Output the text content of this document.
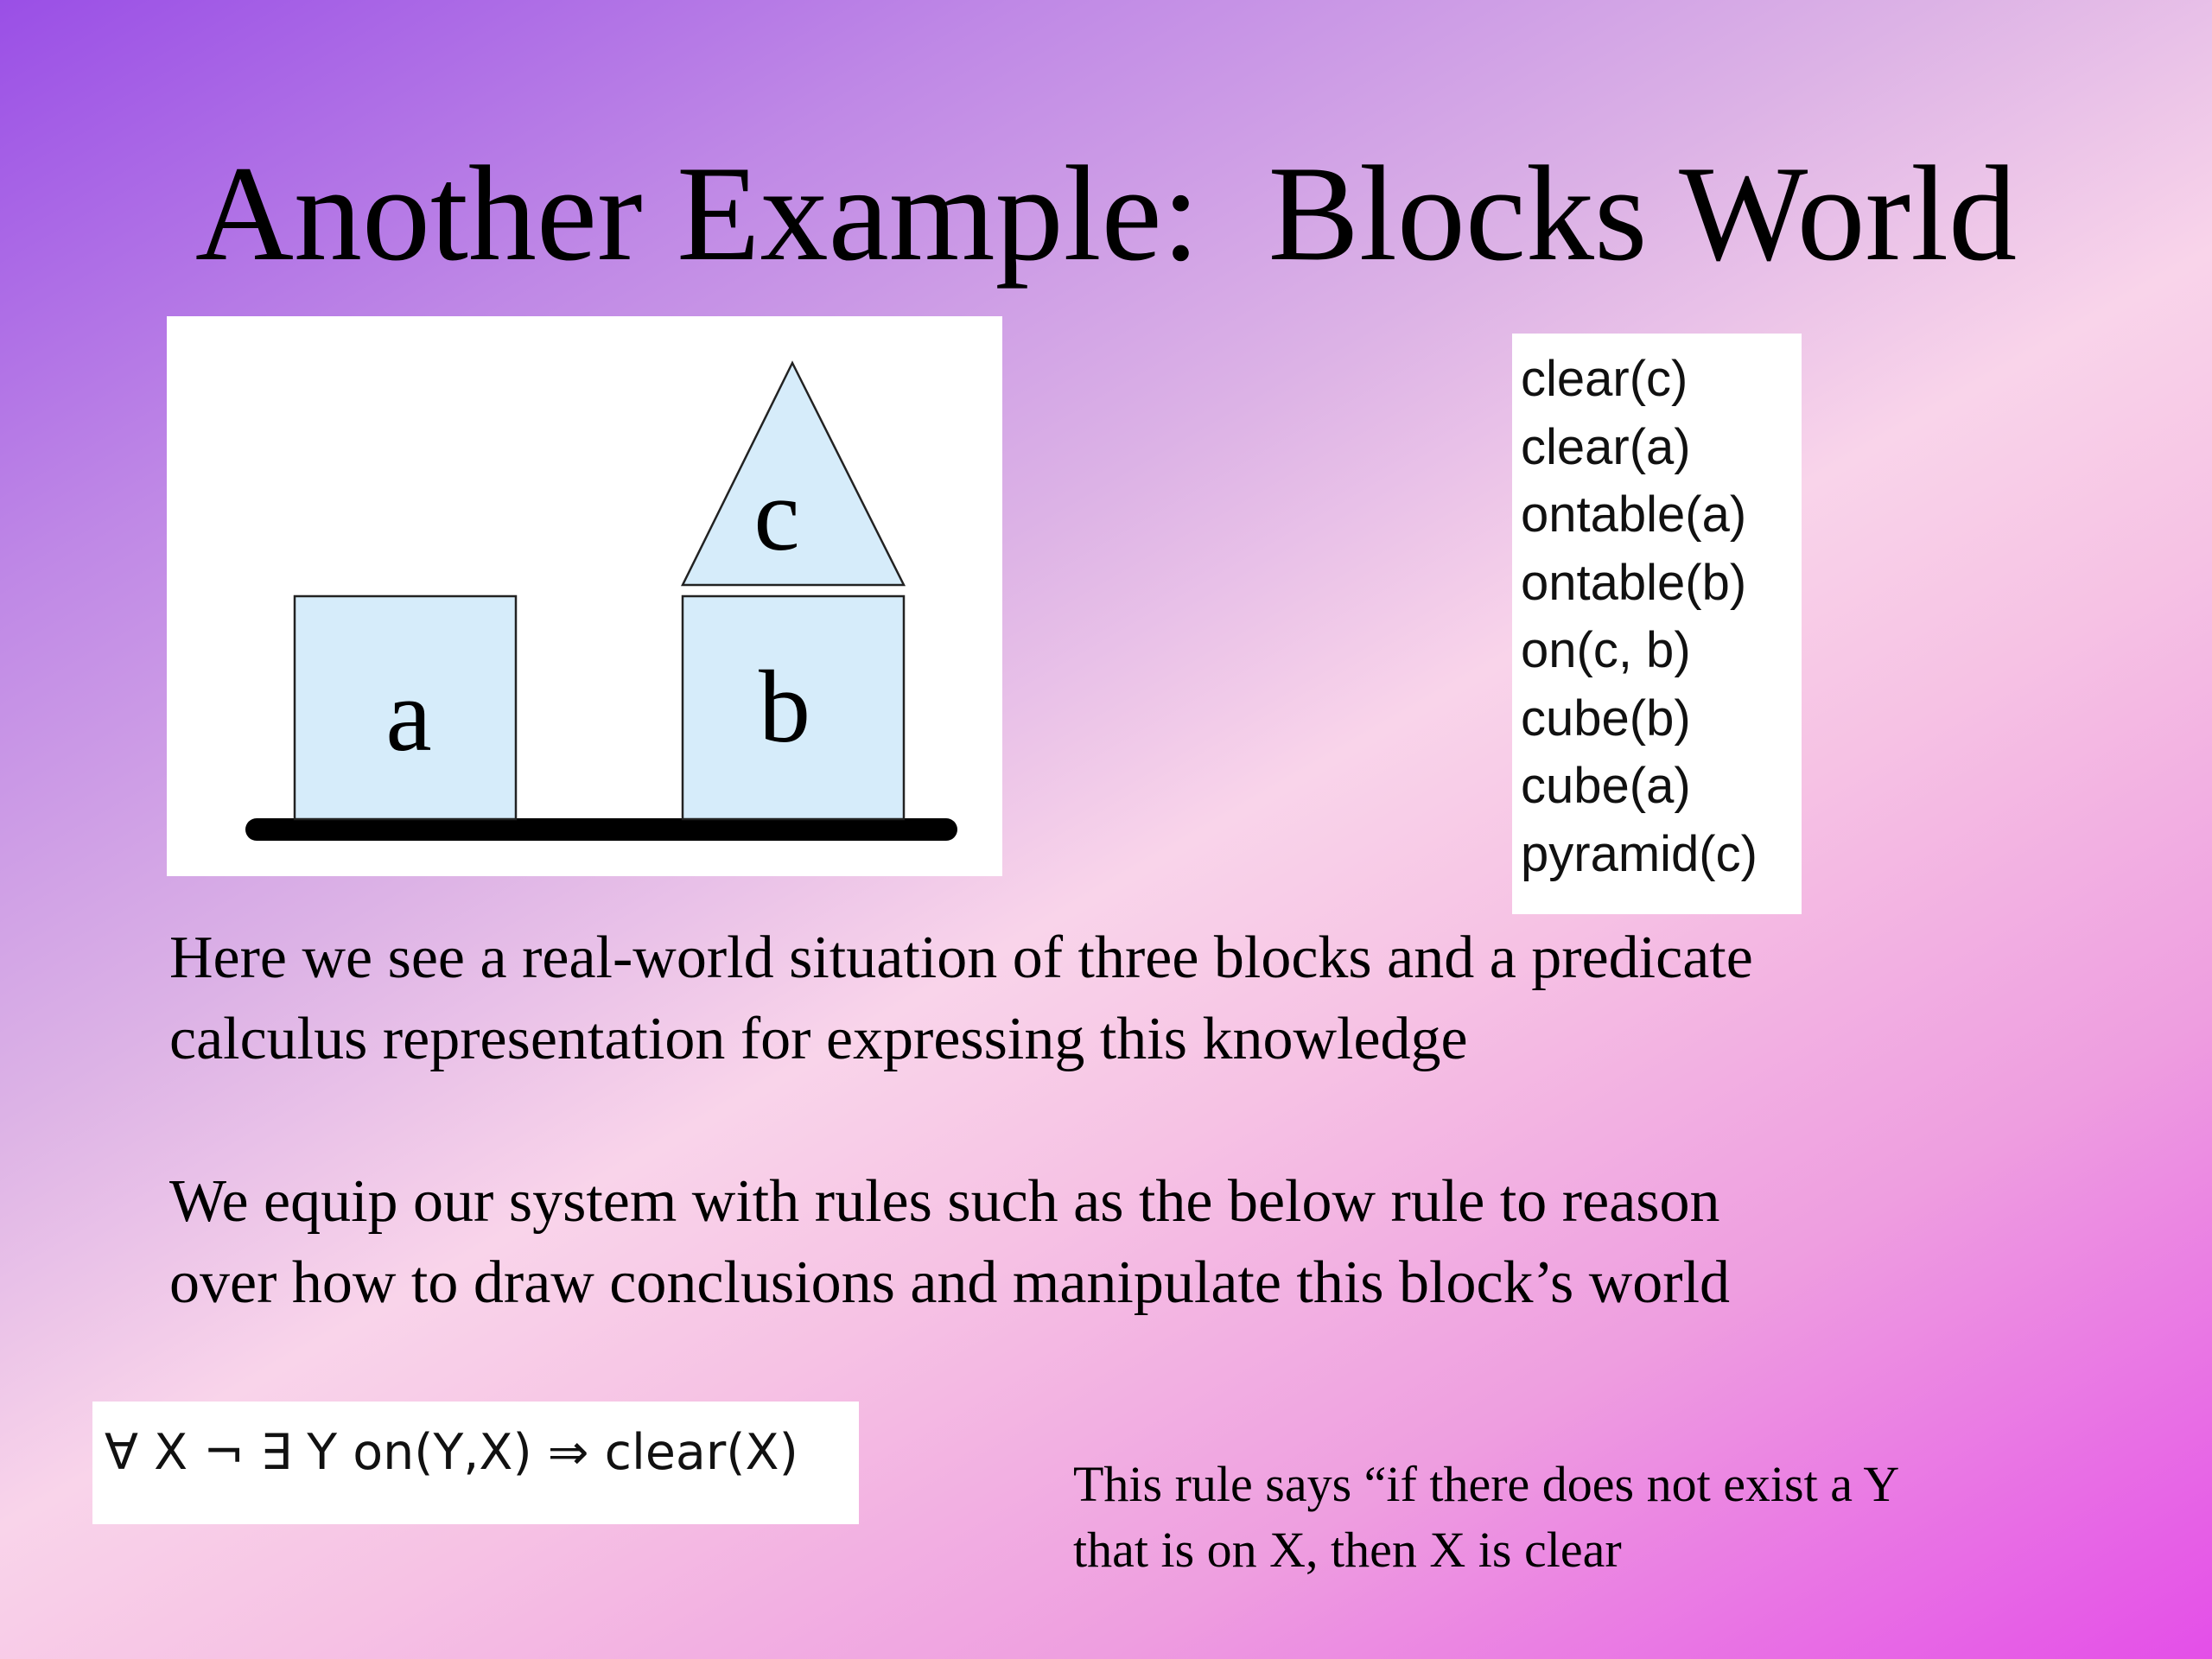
Another Example:  Blocks World
a	b
c
clear(c)
clear(a)
ontable(a)
ontable(b)
on(c, b)
cube(b)
cube(a)
pyramid(c)
Here we see a real-world situation of three blocks and a predicate
calculus representation for expressing this knowledge
We equip our system with rules such as the below rule to reason
over how to draw conclusions and manipulate this block’s world
∀ X ¬ ∃ Y on(Y,X) ⇒ clear(X)
This rule says “if there does not exist a Y
that is on X, then X is clear
